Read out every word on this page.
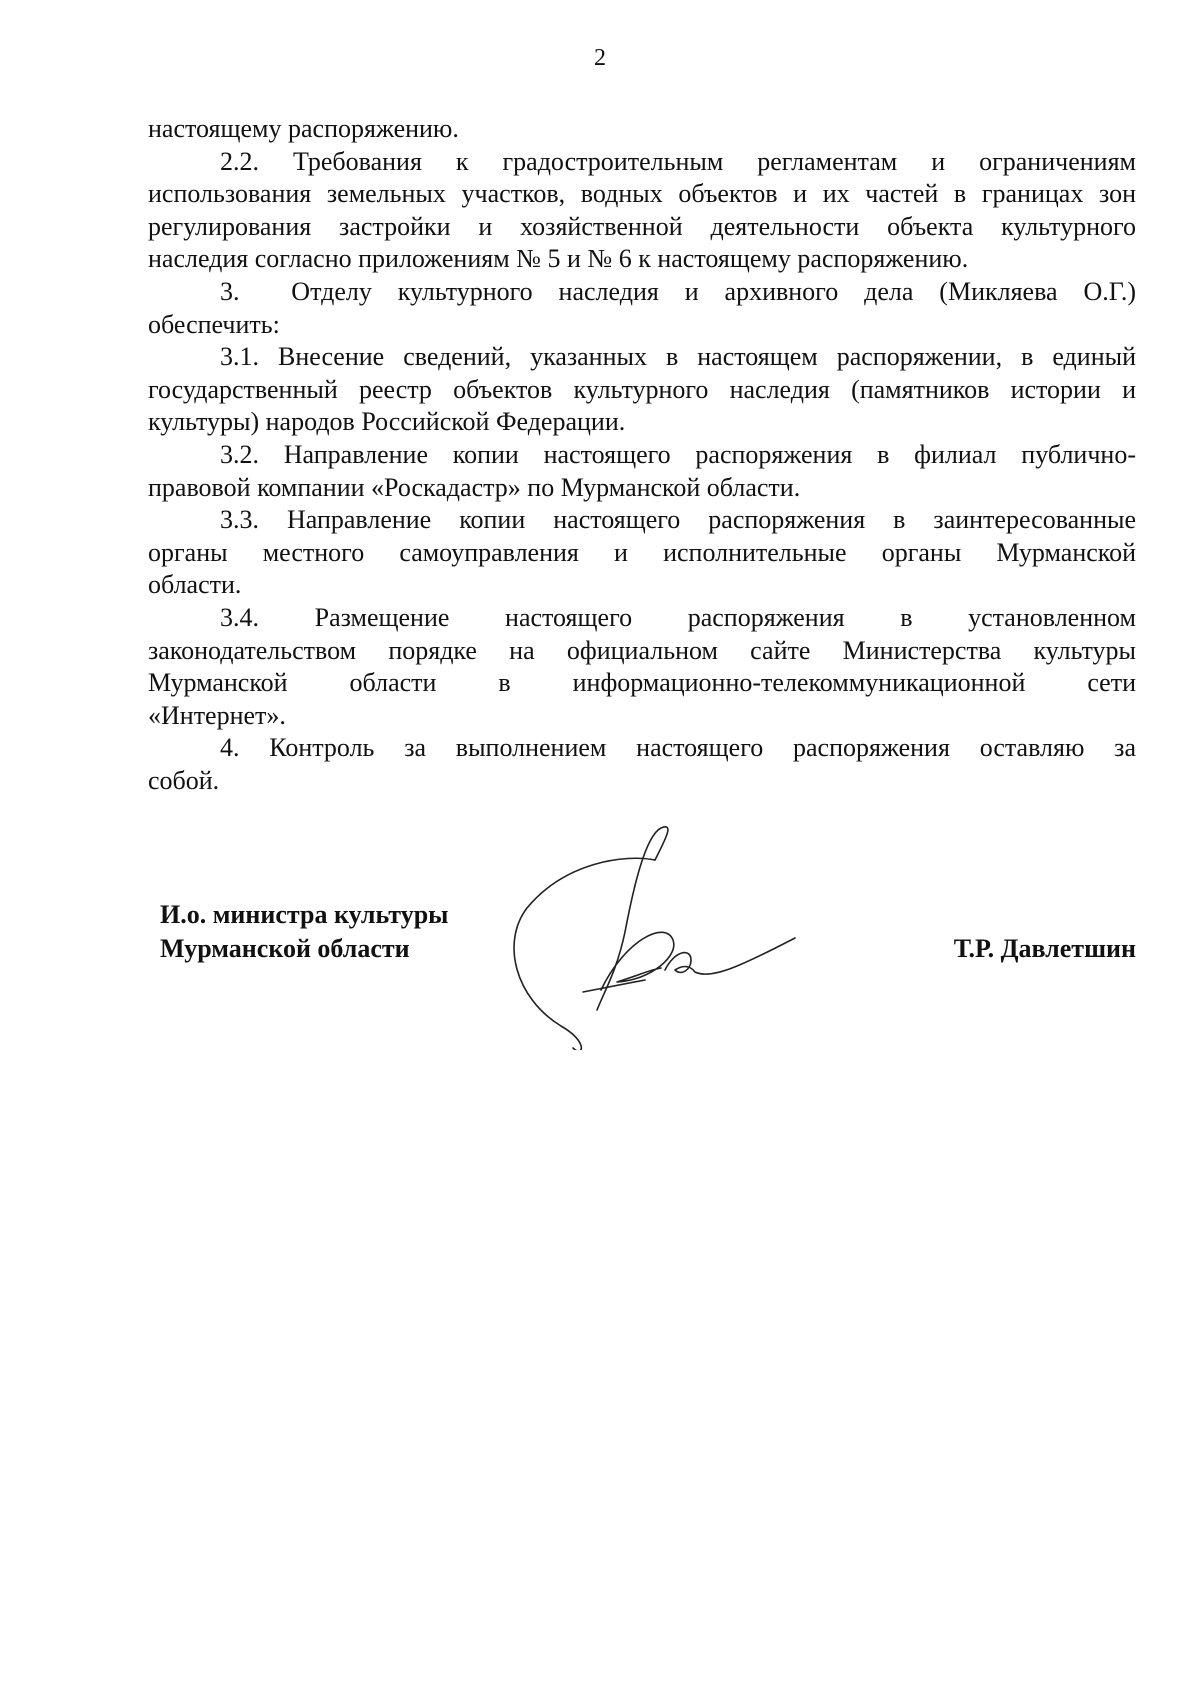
2
настоящему распоряжению.
2.2. Требования к градостроительным регламентам и ограничениям
использования земельных участков, водных объектов и их частей в границах зон
регулирования застройки и хозяйственной деятельности объекта культурного
наследия согласно приложениям № 5 и № 6 к настоящему распоряжению.
3.  Отделу культурного наследия и архивного дела (Микляева О.Г.)
обеспечить:
3.1. Внесение сведений, указанных в настоящем распоряжении, в единый
государственный реестр объектов культурного наследия (памятников истории и
культуры) народов Российской Федерации.
3.2. Направление копии настоящего распоряжения в филиал публично-
правовой компании «Роскадастр» по Мурманской области.
3.3. Направление копии настоящего распоряжения в заинтересованные
органы местного самоуправления и исполнительные органы Мурманской
области.
3.4. Размещение настоящего распоряжения в установленном
законодательством порядке на официальном сайте Министерства культуры
Мурманской области в информационно-телекоммуникационной сети
«Интернет».
4. Контроль за выполнением настоящего распоряжения оставляю за
собой.
И.о. министра культуры
Мурманской области	Т.Р. Давлетшин
